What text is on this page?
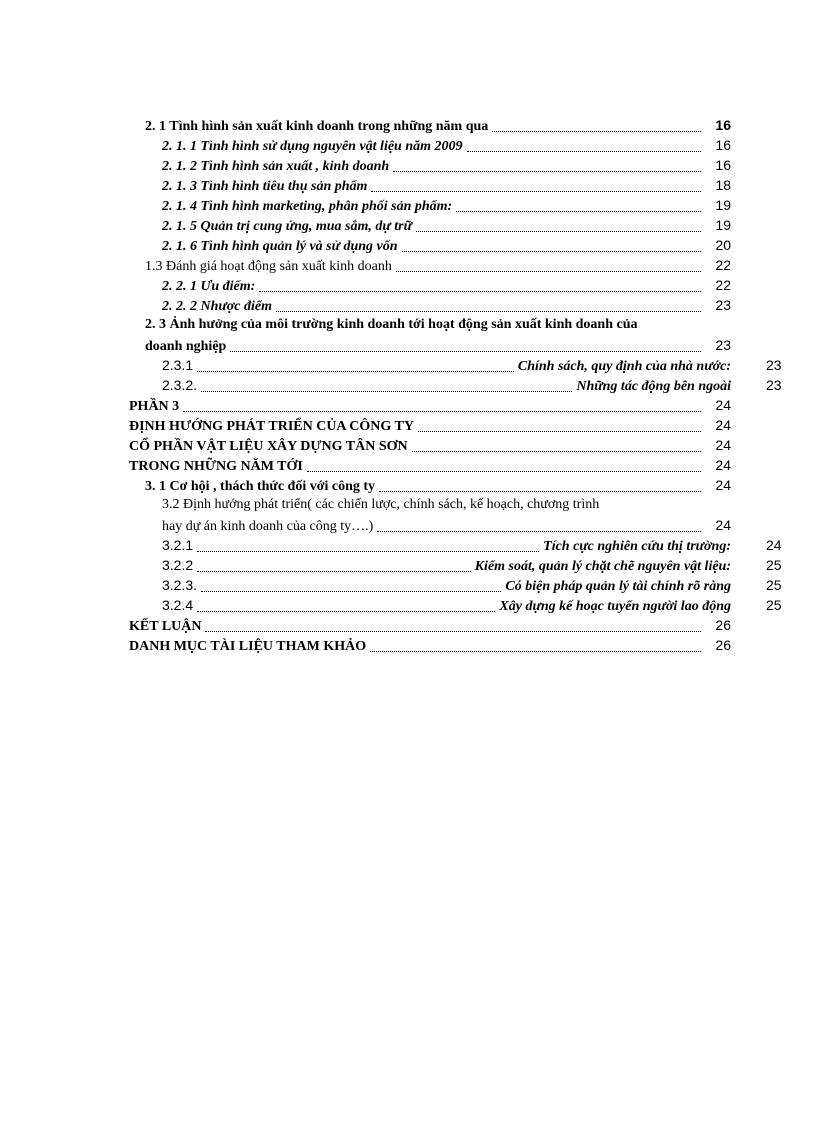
2. 1 Tình hình sản xuất kinh doanh trong những năm qua	16
2. 1. 1 Tình hình sử dụng nguyên vật liệu năm 2009	16
2. 1. 2 Tình hình sản xuất , kinh doanh	16
2. 1. 3 Tình hình tiêu thụ sản phẩm	18
2. 1. 4 Tình hình marketing, phân phối sản phẩm:	19
2. 1. 5 Quản trị cung ứng, mua sắm, dự trữ	19
2. 1. 6 Tình hình quản lý và sử dụng vốn	20
1.3 Đánh giá hoạt động sản xuất kinh doanh	22
2. 2. 1 Ưu điểm:	22
2. 2. 2 Nhược điểm	23
2. 3 Ảnh hưởng của môi trường kinh doanh tới hoạt động sản xuất kinh doanh của
doanh nghiệp	23
2.3.1	Chính sách, quy định của nhà nước:	23
2.3.2.	Những tác động bên ngoài	23
PHẦN 3	24
ĐỊNH HƯỚNG PHÁT TRIỂN CỦA CÔNG TY	24
CỔ PHẦN VẬT LIỆU XÂY DỰNG TÂN SƠN	24
TRONG NHỮNG NĂM TỚI	24
3. 1 Cơ hội , thách thức đối với công ty	24
3.2 Định hướng phát triển( các chiến lược, chính sách, kế hoạch, chương trình
hay dự án kinh doanh của công ty….)	24
3.2.1	Tích cực nghiên cứu thị trường:	24
3.2.2	Kiểm soát, quản lý chặt chẽ nguyên vật liệu:	25
3.2.3.	Có biện pháp quản lý tài chính rõ ràng	25
3.2.4	Xây dựng kế hoạc tuyển người lao động	25
KẾT LUẬN	26
DANH MỤC TÀI LIỆU THAM KHẢO	26
